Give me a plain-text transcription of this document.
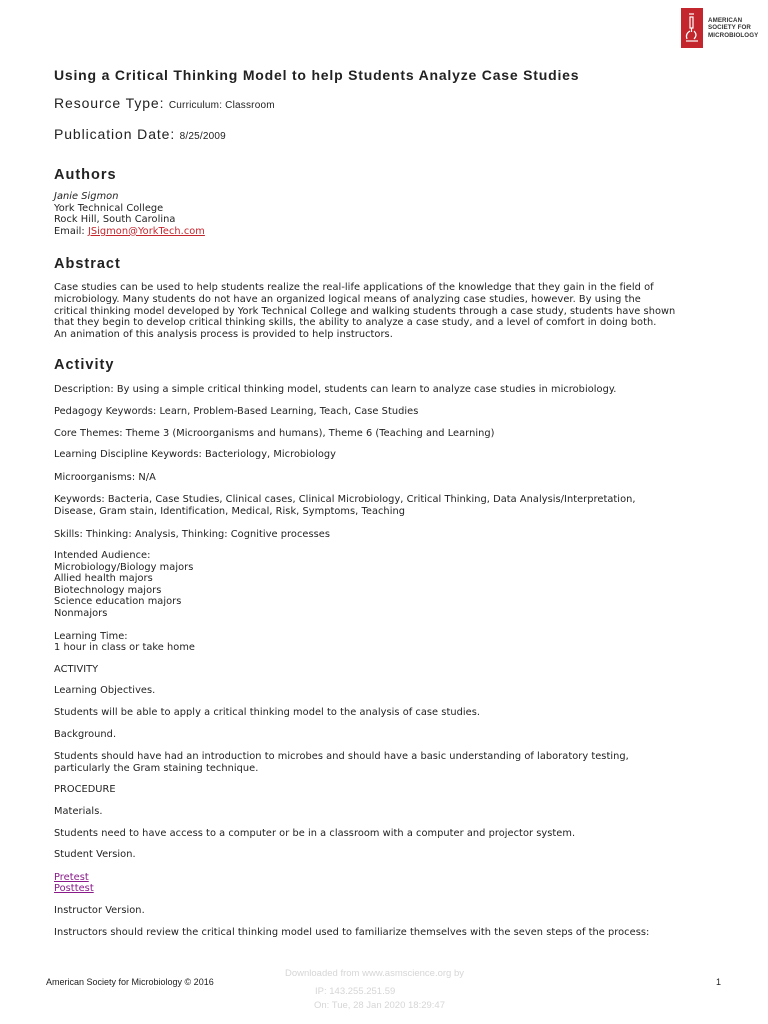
AMERICAN
SOCIETY FOR
MICROBIOLOGY
Using a Critical Thinking Model to help Students Analyze Case Studies
Resource Type: Curriculum: Classroom
Publication Date: 8/25/2009
Authors
Janie Sigmon
York Technical College
Rock Hill, South Carolina
Email: JSigmon@YorkTech.com
Abstract
Case studies can be used to help students realize the real-life applications of the knowledge that they gain in the field of
microbiology. Many students do not have an organized logical means of analyzing case studies, however. By using the
critical thinking model developed by York Technical College and walking students through a case study, students have shown
that they begin to develop critical thinking skills, the ability to analyze a case study, and a level of comfort in doing both.
An animation of this analysis process is provided to help instructors.
Activity

Description: By using a simple critical thinking model, students can learn to analyze case studies in microbiology.

Pedagogy Keywords: Learn, Problem-Based Learning, Teach, Case Studies

Core Themes: Theme 3 (Microorganisms and humans), Theme 6 (Teaching and Learning)

Learning Discipline Keywords: Bacteriology, Microbiology

Microorganisms: N/A

Keywords: Bacteria, Case Studies, Clinical cases, Clinical Microbiology, Critical Thinking, Data Analysis/Interpretation,
Disease, Gram stain, Identification, Medical, Risk, Symptoms, Teaching

Skills: Thinking: Analysis, Thinking: Cognitive processes

Intended Audience:
Microbiology/Biology majors
Allied health majors
Biotechnology majors
Science education majors
Nonmajors
Learning Time:
1 hour in class or take home

ACTIVITY

Learning Objectives.

Students will be able to apply a critical thinking model to the analysis of case studies.

Background.

Students should have had an introduction to microbes and should have a basic understanding of laboratory testing,
particularly the Gram staining technique.

PROCEDURE

Materials.

Students need to have access to a computer or be in a classroom with a computer and projector system.

Student Version.

Pretest
Posttest

Instructor Version.

Instructors should review the critical thinking model used to familiarize themselves with the seven steps of the process:

Downloaded from www.asmscience.org by
IP: 143.255.251.59
On: Tue, 28 Jan 2020 18:29:47
American Society for Microbiology © 2016	1
